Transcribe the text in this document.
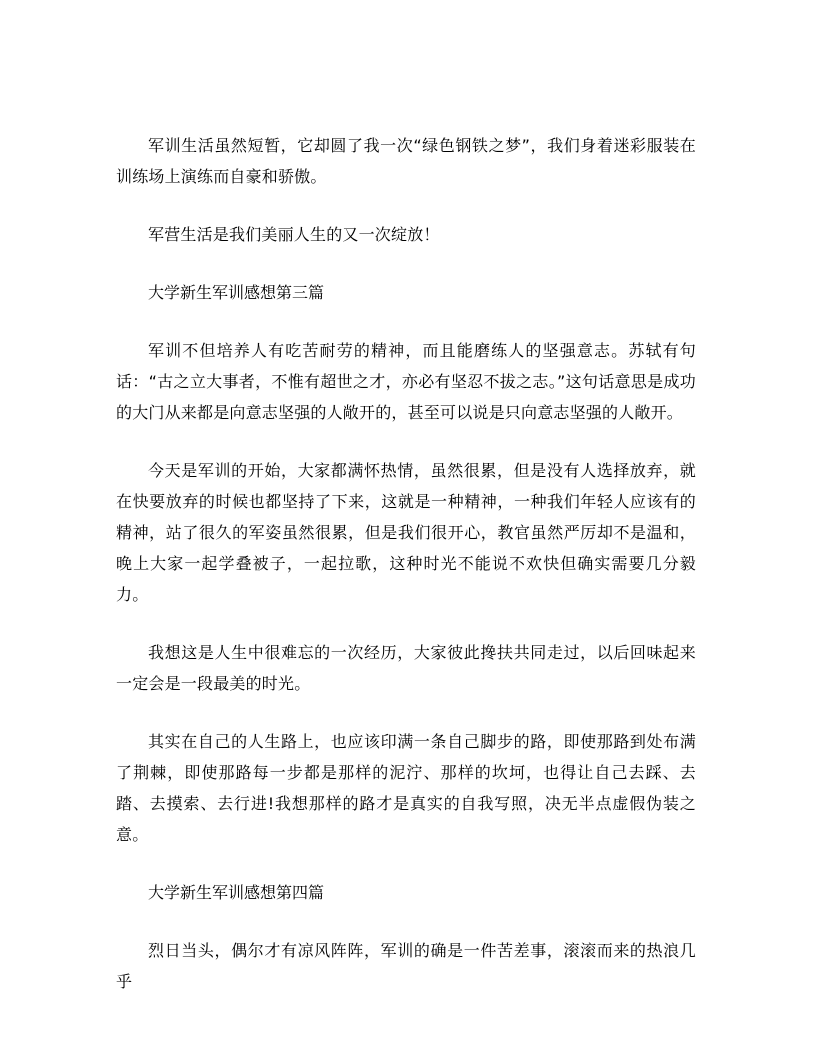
军训生活虽然短暂，它却圆了我一次“绿色钢铁之梦”，我们身着迷彩服装在训练场上演练而自豪和骄傲。

军营生活是我们美丽人生的又一次绽放！

大学新生军训感想第三篇

军训不但培养人有吃苦耐劳的精神，而且能磨练人的坚强意志。苏轼有句话：“古之立大事者，不惟有超世之才，亦必有坚忍不拔之志。”这句话意思是成功的大门从来都是向意志坚强的人敞开的，甚至可以说是只向意志坚强的人敞开。

今天是军训的开始，大家都满怀热情，虽然很累，但是没有人选择放弃，就在快要放弃的时候也都坚持了下来，这就是一种精神，一种我们年轻人应该有的精神，站了很久的军姿虽然很累，但是我们很开心，教官虽然严厉却不是温和，晚上大家一起学叠被子，一起拉歌，这种时光不能说不欢快但确实需要几分毅力。

我想这是人生中很难忘的一次经历，大家彼此搀扶共同走过，以后回味起来一定会是一段最美的时光。

其实在自己的人生路上，也应该印满一条自己脚步的路，即使那路到处布满了荆棘，即使那路每一步都是那样的泥泞、那样的坎坷，也得让自己去踩、去踏、去摸索、去行进!我想那样的路才是真实的自我写照，决无半点虚假伪装之意。

大学新生军训感想第四篇

烈日当头，偶尔才有凉风阵阵，军训的确是一件苦差事，滚滚而来的热浪几乎
